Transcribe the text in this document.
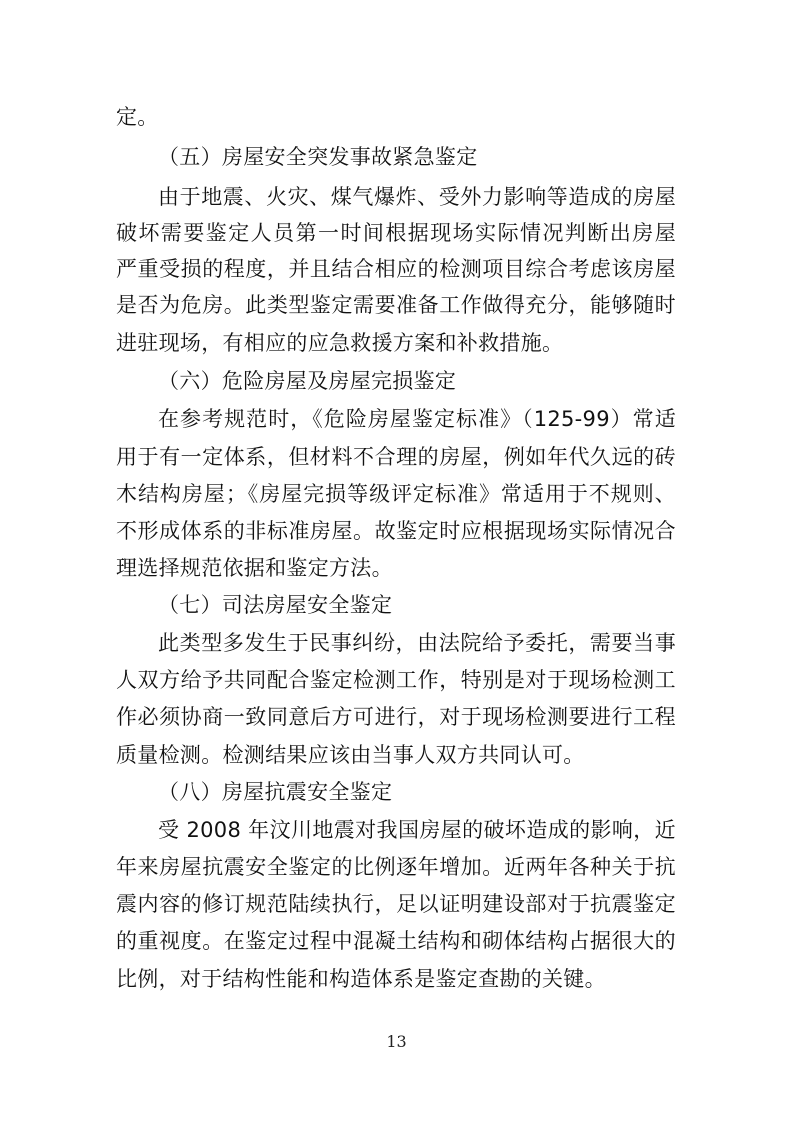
定。
（五）房屋安全突发事故紧急鉴定
由于地震、火灾、煤气爆炸、受外力影响等造成的房屋
破坏需要鉴定人员第一时间根据现场实际情况判断出房屋
严重受损的程度，并且结合相应的检测项目综合考虑该房屋
是否为危房。此类型鉴定需要准备工作做得充分，能够随时
进驻现场，有相应的应急救援方案和补救措施。
（六）危险房屋及房屋完损鉴定
在参考规范时，《危险房屋鉴定标准》（125-99）常适
用于有一定体系，但材料不合理的房屋，例如年代久远的砖
木结构房屋；《房屋完损等级评定标准》常适用于不规则、
不形成体系的非标准房屋。故鉴定时应根据现场实际情况合
理选择规范依据和鉴定方法。
（七）司法房屋安全鉴定
此类型多发生于民事纠纷，由法院给予委托，需要当事
人双方给予共同配合鉴定检测工作，特别是对于现场检测工
作必须协商一致同意后方可进行，对于现场检测要进行工程
质量检测。检测结果应该由当事人双方共同认可。
（八）房屋抗震安全鉴定
受 2008 年汶川地震对我国房屋的破坏造成的影响，近
年来房屋抗震安全鉴定的比例逐年增加。近两年各种关于抗
震内容的修订规范陆续执行，足以证明建设部对于抗震鉴定
的重视度。在鉴定过程中混凝土结构和砌体结构占据很大的
比例，对于结构性能和构造体系是鉴定查勘的关键。
13
